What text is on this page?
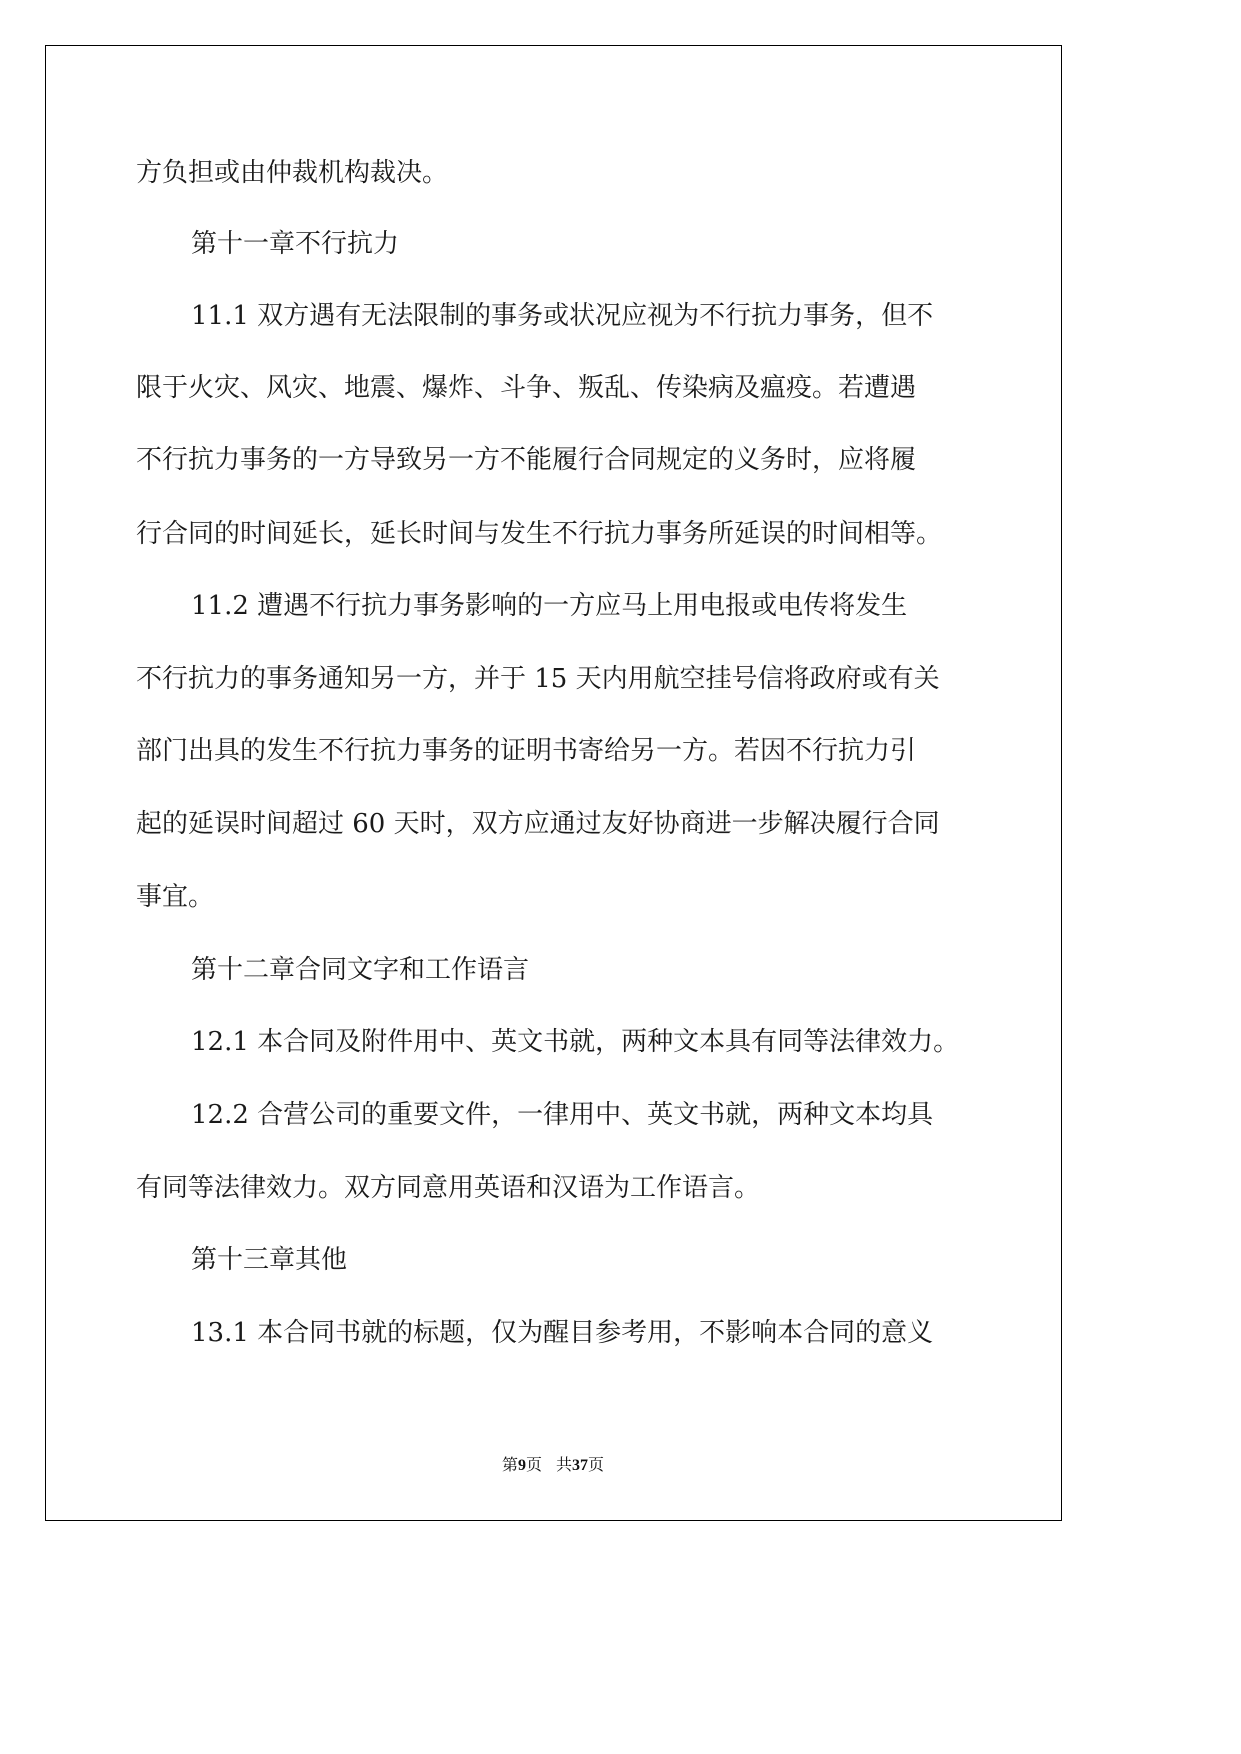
方负担或由仲裁机构裁决。

第十一章不行抗力

11.1 双方遇有无法限制的事务或状况应视为不行抗力事务，但不

限于火灾、风灾、地震、爆炸、斗争、叛乱、传染病及瘟疫。若遭遇

不行抗力事务的一方导致另一方不能履行合同规定的义务时，应将履

行合同的时间延长，延长时间与发生不行抗力事务所延误的时间相等。

11.2 遭遇不行抗力事务影响的一方应马上用电报或电传将发生

不行抗力的事务通知另一方，并于 15 天内用航空挂号信将政府或有关

部门出具的发生不行抗力事务的证明书寄给另一方。若因不行抗力引

起的延误时间超过 60 天时，双方应通过友好协商进一步解决履行合同

事宜。

第十二章合同文字和工作语言

12.1 本合同及附件用中、英文书就，两种文本具有同等法律效力。

12.2 合营公司的重要文件，一律用中、英文书就，两种文本均具

有同等法律效力。双方同意用英语和汉语为工作语言。

第十三章其他

13.1 本合同书就的标题，仅为醒目参考用，不影响本合同的意义

第9页 共37页
